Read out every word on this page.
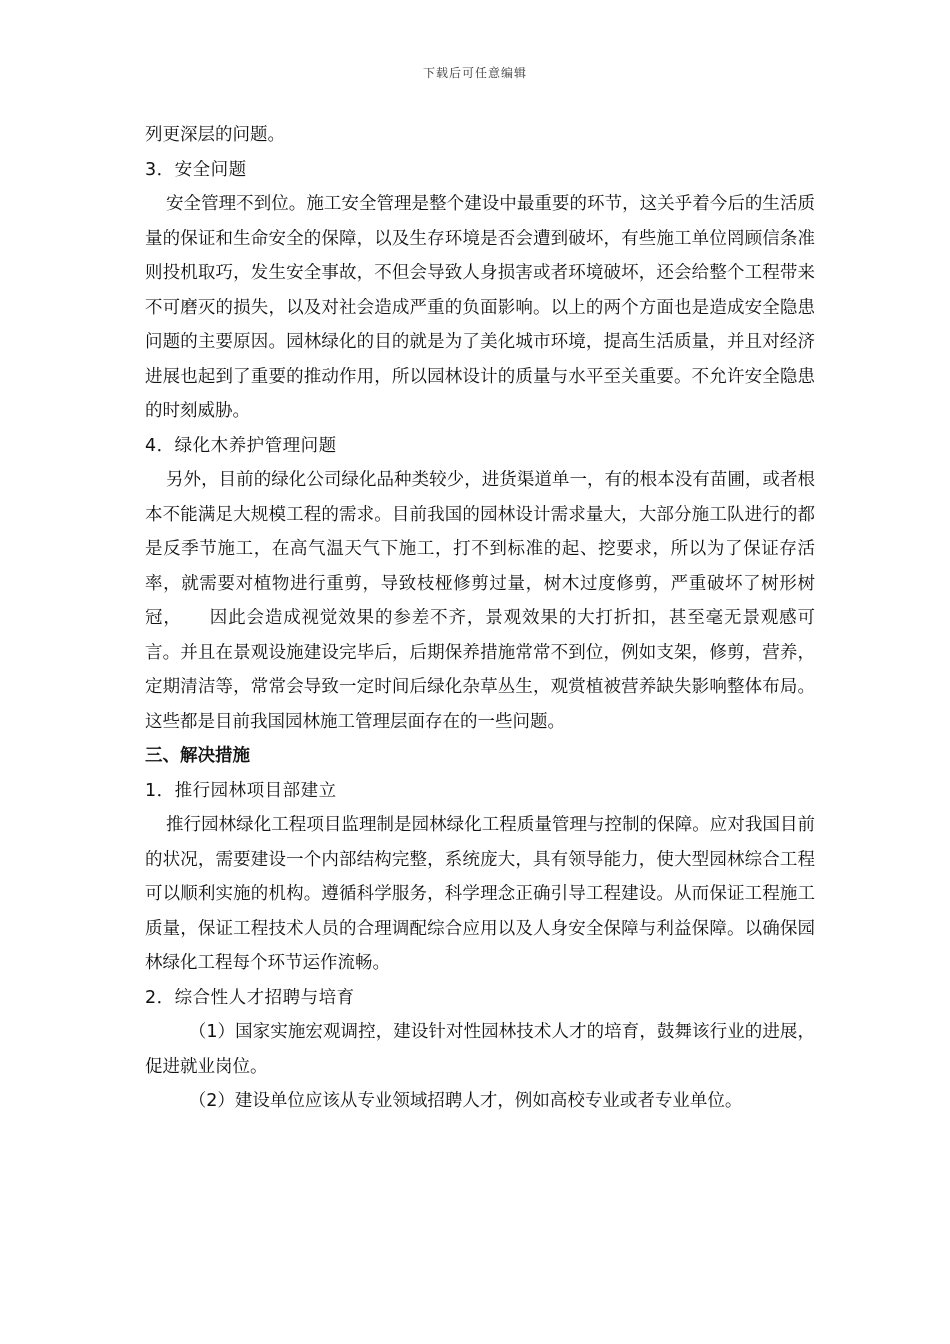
下载后可任意编辑

列更深层的问题。

3．安全问题

安全管理不到位。施工安全管理是整个建设中最重要的环节，这关乎着今后的生活质量的保证和生命安全的保障，以及生存环境是否会遭到破坏，有些施工单位罔顾信条准则投机取巧，发生安全事故，不但会导致人身损害或者环境破坏，还会给整个工程带来不可磨灭的损失，以及对社会造成严重的负面影响。以上的两个方面也是造成安全隐患问题的主要原因。园林绿化的目的就是为了美化城市环境，提高生活质量，并且对经济进展也起到了重要的推动作用，所以园林设计的质量与水平至关重要。不允许安全隐患的时刻威胁。

4．绿化木养护管理问题

另外，目前的绿化公司绿化品种类较少，进货渠道单一，有的根本没有苗圃，或者根本不能满足大规模工程的需求。目前我国的园林设计需求量大，大部分施工队进行的都是反季节施工，在高气温天气下施工，打不到标准的起、挖要求，所以为了保证存活率，就需要对植物进行重剪，导致枝桠修剪过量，树木过度修剪，严重破坏了树形树冠，　　因此会造成视觉效果的参差不齐，景观效果的大打折扣，甚至毫无景观感可言。并且在景观设施建设完毕后，后期保养措施常常不到位，例如支架，修剪，营养，定期清洁等，常常会导致一定时间后绿化杂草丛生，观赏植被营养缺失影响整体布局。这些都是目前我国园林施工管理层面存在的一些问题。

三、解决措施

1．推行园林项目部建立

推行园林绿化工程项目监理制是园林绿化工程质量管理与控制的保障。应对我国目前的状况，需要建设一个内部结构完整，系统庞大，具有领导能力，使大型园林综合工程可以顺利实施的机构。遵循科学服务，科学理念正确引导工程建设。从而保证工程施工质量，保证工程技术人员的合理调配综合应用以及人身安全保障与利益保障。以确保园林绿化工程每个环节运作流畅。

2．综合性人才招聘与培育

（1）国家实施宏观调控，建设针对性园林技术人才的培育，鼓舞该行业的进展，促进就业岗位。

（2）建设单位应该从专业领域招聘人才，例如高校专业或者专业单位。
